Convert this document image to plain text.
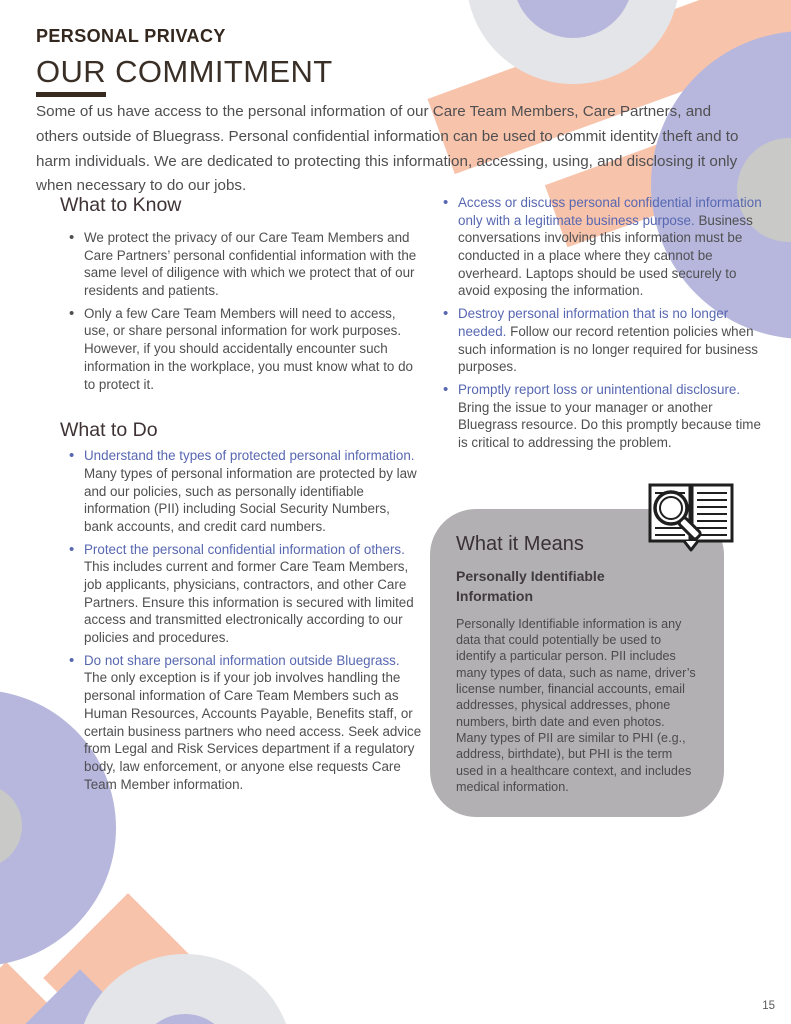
PERSONAL PRIVACY
OUR COMMITMENT
Some of us have access to the personal information of our Care Team Members, Care Partners, and others outside of Bluegrass. Personal confidential information can be used to commit identity theft and to harm individuals. We are dedicated to protecting this information, accessing, using, and disclosing it only when necessary to do our jobs.
What to Know
• We protect the privacy of our Care Team Members and Care Partners’ personal confidential information with the same level of diligence with which we protect that of our residents and patients.
• Only a few Care Team Members will need to access, use, or share personal information for work purposes. However, if you should accidentally encounter such information in the workplace, you must know what to do to protect it.
What to Do
• Understand the types of protected personal information. Many types of personal information are protected by law and our policies, such as personally identifiable information (PII) including Social Security Numbers, bank accounts, and credit card numbers.
• Protect the personal confidential information of others. This includes current and former Care Team Members, job applicants, physicians, contractors, and other Care Partners. Ensure this information is secured with limited access and transmitted electronically according to our policies and procedures.
• Do not share personal information outside Bluegrass. The only exception is if your job involves handling the personal information of Care Team Members such as Human Resources, Accounts Payable, Benefits staff, or certain business partners who need access. Seek advice from Legal and Risk Services department if a regulatory body, law enforcement, or anyone else requests Care Team Member information.
• Access or discuss personal confidential information only with a legitimate business purpose. Business conversations involving this information must be conducted in a place where they cannot be overheard. Laptops should be used securely to avoid exposing the information.
• Destroy personal information that is no longer needed. Follow our record retention policies when such information is no longer required for business purposes.
• Promptly report loss or unintentional disclosure. Bring the issue to your manager or another Bluegrass resource. Do this promptly because time is critical to addressing the problem.
What it Means
Personally Identifiable Information

Personally Identifiable information is any data that could potentially be used to identify a particular person. PII includes many types of data, such as name, driver’s license number, financial accounts, email addresses, physical addresses, phone numbers, birth date and even photos. Many types of PII are similar to PHI (e.g., address, birthdate), but PHI is the term used in a healthcare context, and includes medical information.

15
